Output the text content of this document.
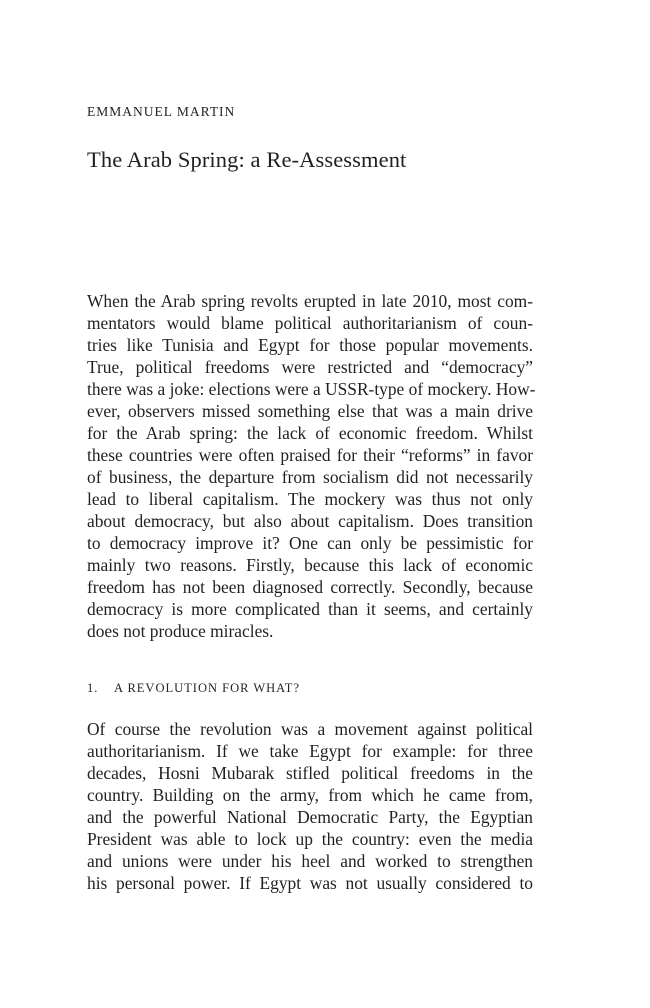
EMMANUEL MARTIN
The Arab Spring: a Re-Assessment
When the Arab spring revolts erupted in late 2010, most com-
mentators would blame political authoritarianism of coun-
tries like Tunisia and Egypt for those popular movements.
True, political freedoms were restricted and “democracy”
there was a joke: elections were a USSR-type of mockery. How-
ever, observers missed something else that was a main drive
for the Arab spring: the lack of economic freedom. Whilst
these countries were often praised for their “reforms” in favor
of business, the departure from socialism did not necessarily
lead to liberal capitalism. The mockery was thus not only
about democracy, but also about capitalism. Does transition
to democracy improve it? One can only be pessimistic for
mainly two reasons. Firstly, because this lack of economic
freedom has not been diagnosed correctly. Secondly, because
democracy is more complicated than it seems, and certainly
does not produce miracles.
1. A REVOLUTION FOR WHAT?
Of course the revolution was a movement against political
authoritarianism. If we take Egypt for example: for three
decades, Hosni Mubarak stifled political freedoms in the
country. Building on the army, from which he came from,
and the powerful National Democratic Party, the Egyptian
President was able to lock up the country: even the media
and unions were under his heel and worked to strengthen
his personal power. If Egypt was not usually considered to
